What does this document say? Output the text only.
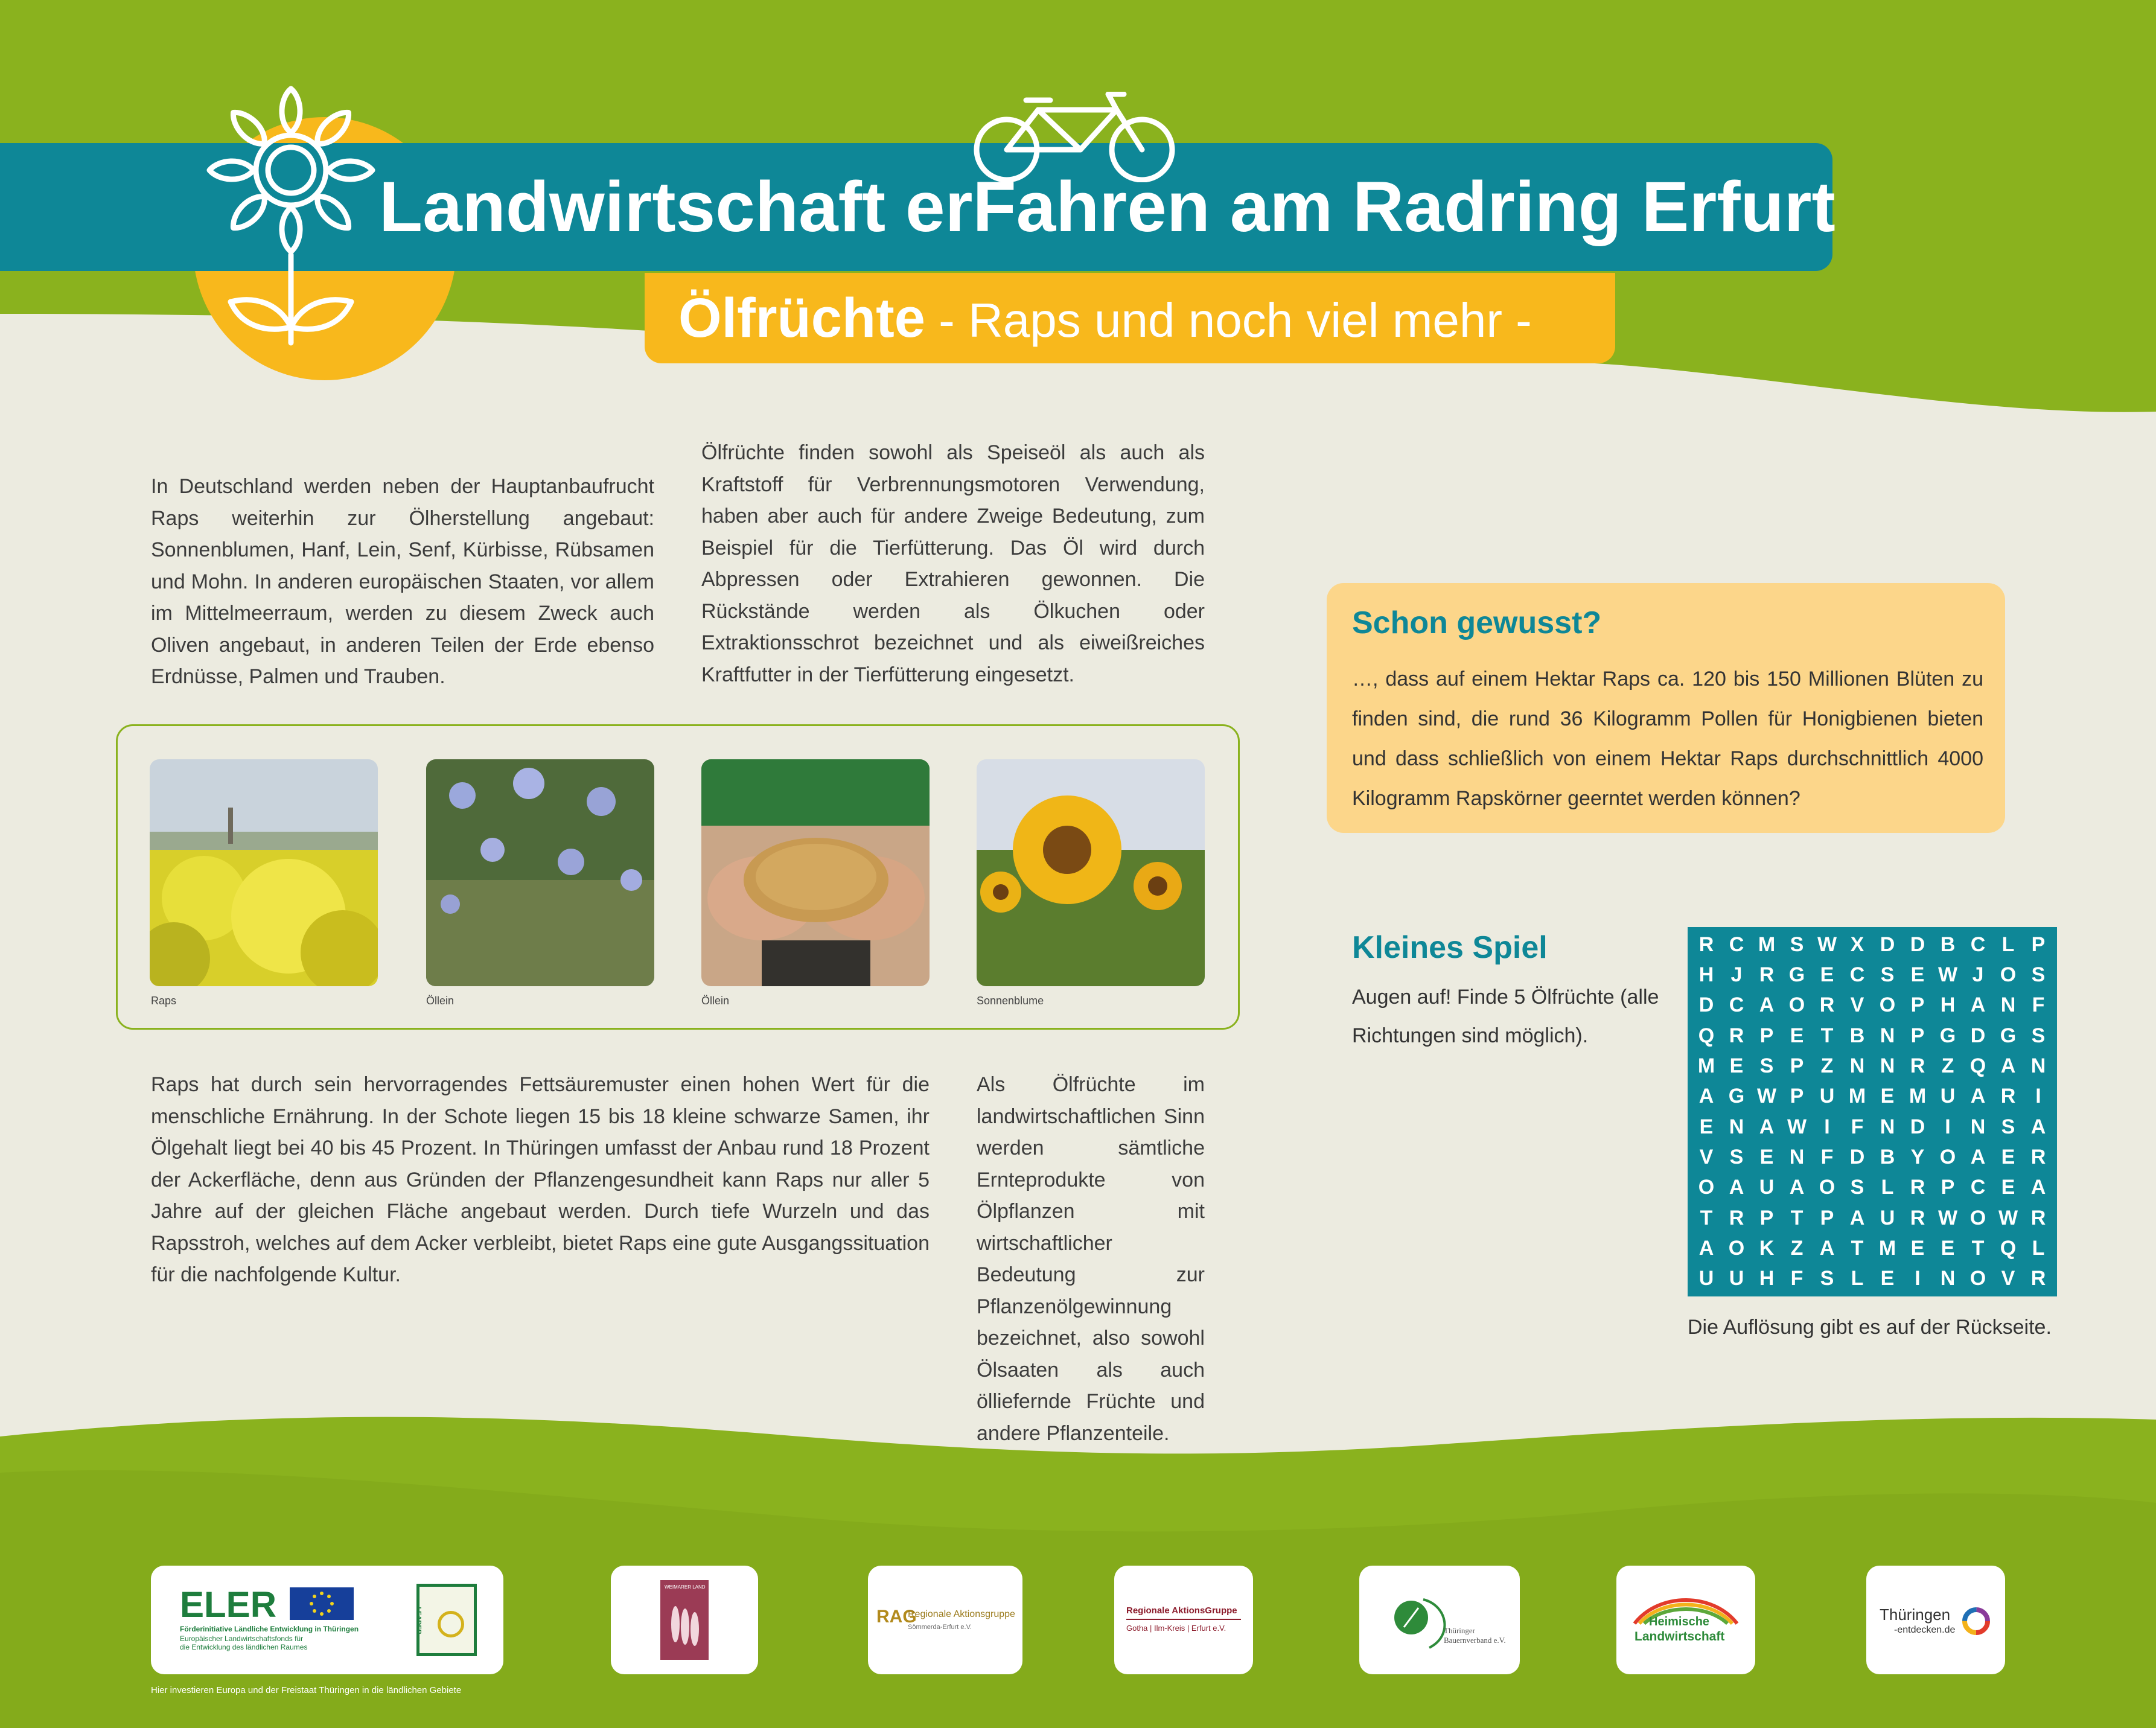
Landwirtschaft erFahren am Radring Erfurt
Ölfrüchte - Raps und noch viel mehr -

In Deutschland werden neben der Hauptanbaufrucht Raps weiterhin zur Ölherstellung angebaut: Sonnenblumen, Hanf, Lein, Senf, Kürbisse, Rübsamen und Mohn. In anderen europäischen Staaten, vor allem im Mittelmeerraum, werden zu diesem Zweck auch Oliven angebaut, in anderen Teilen der Erde ebenso Erdnüsse, Palmen und Trauben.

Ölfrüchte finden sowohl als Speiseöl als auch als Kraftstoff für Verbrennungsmotoren Verwendung, haben aber auch für andere Zweige Bedeutung, zum Beispiel für die Tierfütterung. Das Öl wird durch Abpressen oder Extrahieren gewonnen. Die Rückstände werden als Ölkuchen oder Extraktionsschrot bezeichnet und als eiweißreiches Kraftfutter in der Tierfütterung eingesetzt.

Raps hat durch sein hervorragendes Fettsäuremuster einen hohen Wert für die menschliche Ernährung. In der Schote liegen 15 bis 18 kleine schwarze Samen, ihr Ölgehalt liegt bei 40 bis 45 Prozent. In Thüringen umfasst der Anbau rund 18 Prozent der Ackerfläche, denn aus Gründen der Pflanzengesundheit kann Raps nur aller 5 Jahre auf der gleichen Fläche angebaut werden. Durch tiefe Wurzeln und das Rapsstroh, welches auf dem Acker verbleibt, bietet Raps eine gute Ausgangssituation für die nachfolgende Kultur.

Als Ölfrüchte im landwirtschaftlichen Sinn werden sämtliche Ernteprodukte von Ölpflanzen mit wirtschaftlicher Bedeutung zur Pflanzenölgewinnung bezeichnet, also sowohl Ölsaaten als auch ölliefernde Früchte und andere Pflanzenteile.

Raps	Öllein	Öllein	Sonnenblume
Schon gewusst?

…, dass auf einem Hektar Raps ca. 120 bis 150 Millionen Blüten zu finden sind, die rund 36 Kilogramm Pollen für Honigbienen bieten und dass schließlich von einem Hektar Raps durchschnittlich 4000 Kilogramm Rapskörner geerntet werden können?

Kleines Spiel

Augen auf! Finde 5 Ölfrüchte (alle Richtungen sind möglich).

R C M S W X D D B C L P
H J R G E C S E W J O S
D C A O R V O P H A N F
Q R P E T B N P G D G S
M E S P Z N N R Z Q A N
A G W P U M E M U A R I
E N A W I	F N D I N S A
V S E N F D B Y O A E R
O A U A O S L R P C E A
T R P T P A U R W O W R
A O K Z A T M E E T Q L
U U H F S L E I N O V R
Die Auflösung gibt es auf der Rückseite.
ELER
Förderinitiative Ländliche Entwicklung in Thüringen
Europäischer Landwirtschaftsfonds für
die Entwicklung des ländlichen Raumes
LEADER
WEIMARER LAND
RAG
Regionale Aktionsgruppe
Sömmerda-Erfurt e.V.
Regionale AktionsGruppe
Gotha | Ilm-Kreis | Erfurt e.V.	Thüringer
Bauernverband e.V.
Heimische
Landwirtschaft
Thüringen
-entdecken.de
Hier investieren Europa und der Freistaat Thüringen in die ländlichen Gebiete
